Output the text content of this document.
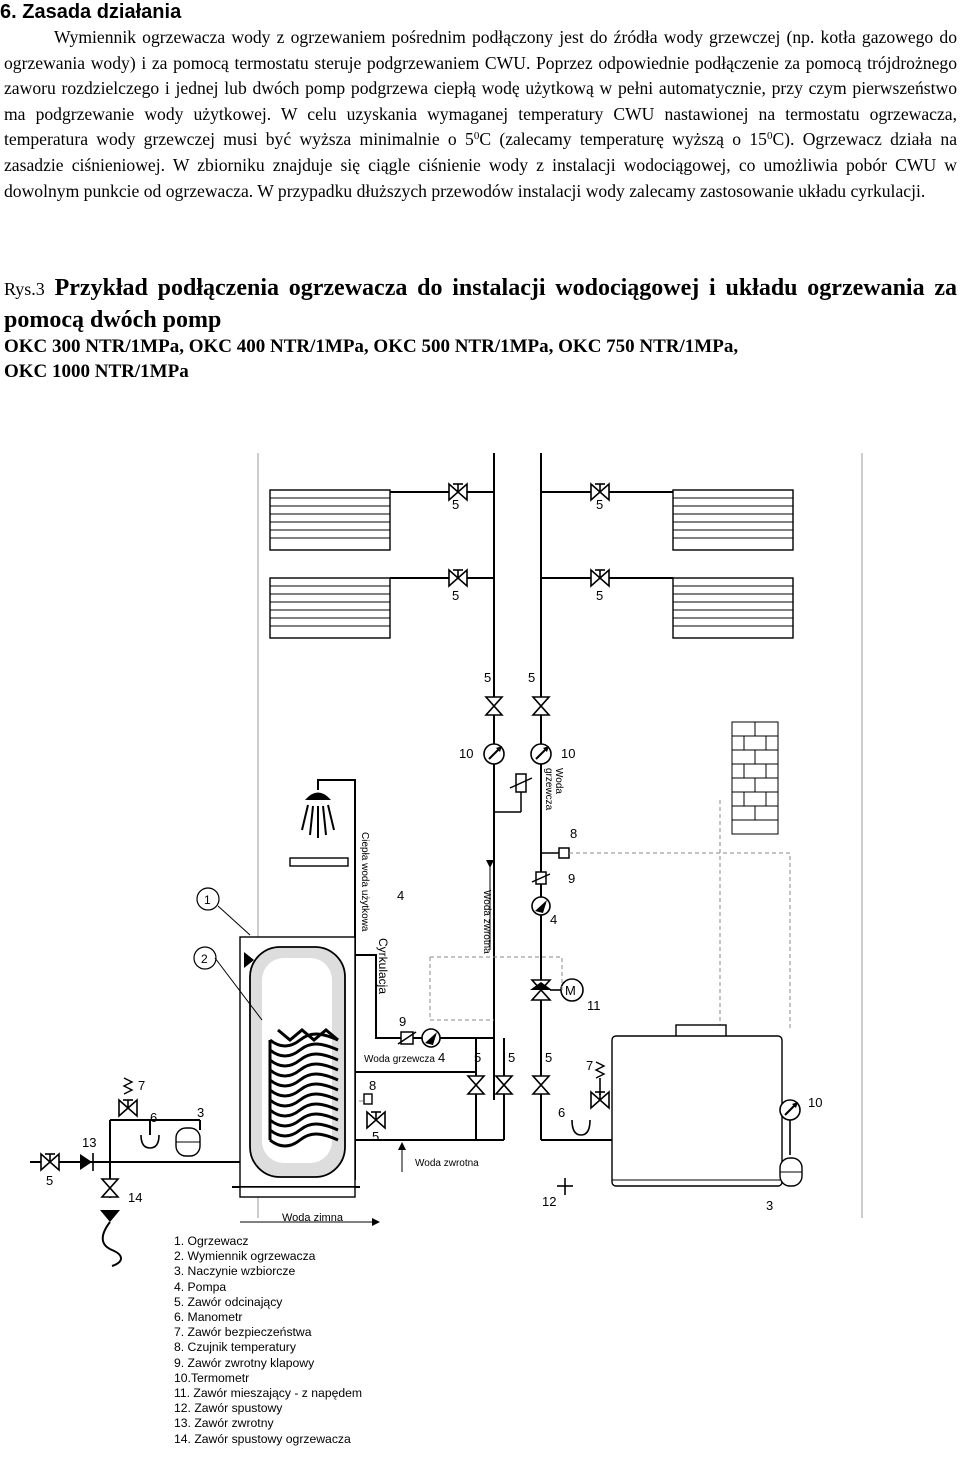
6. Zasada działania

Wymiennik ogrzewacza wody z ogrzewaniem pośrednim podłączony jest do źródła wody grzewczej (np. kotła gazowego do ogrzewania wody) i za pomocą termostatu steruje podgrzewaniem CWU. Poprzez odpowiednie podłączenie za pomocą trójdrożnego zaworu rozdzielczego i jednej lub dwóch pomp podgrzewa ciepłą wodę użytkową w pełni automatycznie, przy czym pierwszeństwo ma podgrzewanie wody użytkowej. W celu uzyskania wymaganej temperatury CWU nastawionej na termostatu ogrzewacza, temperatura wody grzewczej musi być wyższa minimalnie o $5^0C$ (zalecamy temperaturę wyższą o $15^0C$). Ogrzewacz działa na zasadzie ciśnieniowej. W zbiorniku znajduje się ciągle ciśnienie wody z instalacji wodociągowej, co umożliwia pobór CWU w dowolnym punkcie od ogrzewacza. W przypadku dłuższych przewodów instalacji wody zalecamy zastosowanie układu cyrkulacji.

Rys.3 Przykład podłączenia ogrzewacza do instalacji wodociągowej i układu ogrzewania za pomocą dwóch pomp

OKC 300 NTR/1MPa, OKC 400 NTR/1MPa, OKC 500 NTR/1MPa, OKC 750 NTR/1MPa,
OKC 1000 NTR/1MPa

5	5
5	5
5	5
10	10
Woda
grzewcza
8
9
4
Woda zwrotna
M
11
Ciepła woda użytkowa
Cyrkulacja
4
9
1
2
Woda grzewcza 4 5 5 5
7
6
8
5
Woda zwrotna
10
3
12
5
13
7
6	3
14
Woda zimna
1. Ogrzewacz
2. Wymiennik ogrzewacza
3. Naczynie wzbiorcze
4. Pompa
5. Zawór odcinający
6. Manometr
7. Zawór bezpieczeństwa
8. Czujnik temperatury
9. Zawór zwrotny klapowy
10.Termometr
11. Zawór mieszający - z napędem
12. Zawór spustowy
13. Zawór zwrotny
14. Zawór spustowy ogrzewacza
